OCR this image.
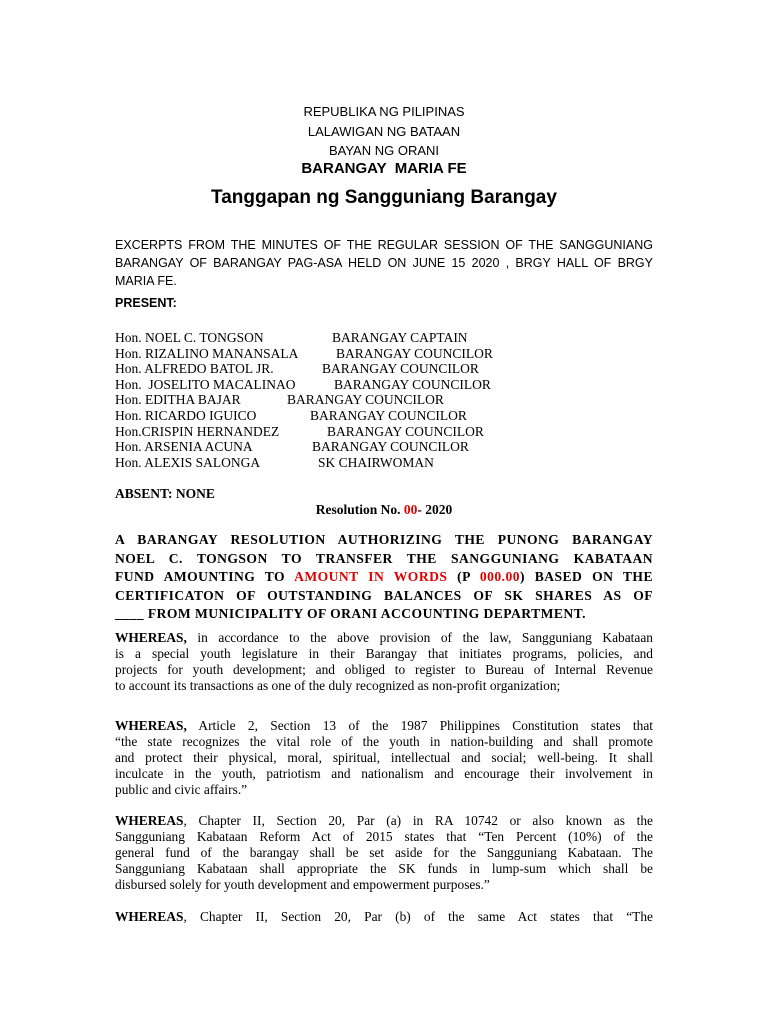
REPUBLIKA NG PILIPINAS
LALAWIGAN NG BATAAN
BAYAN NG ORANI
BARANGAY  MARIA FE
Tanggapan ng Sangguniang Barangay
EXCERPTS FROM THE MINUTES OF THE REGULAR SESSION OF THE SANGGUNIANG BARANGAY OF BARANGAY PAG-ASA HELD ON JUNE 15 2020 , BRGY HALL OF BRGY MARIA FE.
PRESENT:
Hon. NOEL C. TONGSON	BARANGAY CAPTAIN
Hon. RIZALINO MANANSALA	BARANGAY COUNCILOR
Hon. ALFREDO BATOL JR.	BARANGAY COUNCILOR
Hon.  JOSELITO MACALINAO	BARANGAY COUNCILOR
Hon. EDITHA BAJAR	BARANGAY COUNCILOR
Hon. RICARDO IGUICO	BARANGAY COUNCILOR
Hon.CRISPIN HERNANDEZ	BARANGAY COUNCILOR
Hon. ARSENIA ACUNA	BARANGAY COUNCILOR
Hon. ALEXIS SALONGA	SK CHAIRWOMAN
ABSENT: NONE
Resolution No. 00- 2020
A BARANGAY RESOLUTION AUTHORIZING THE PUNONG BARANGAY
NOEL C. TONGSON TO TRANSFER THE SANGGUNIANG KABATAAN
FUND AMOUNTING TO AMOUNT IN WORDS (P 000.00) BASED ON THE
CERTIFICATON OF OUTSTANDING BALANCES OF SK SHARES AS OF
____ FROM MUNICIPALITY OF ORANI ACCOUNTING DEPARTMENT.
WHEREAS, in accordance to the above provision of the law, Sangguniang Kabataan
is a special youth legislature in their Barangay that initiates programs, policies, and
projects for youth development; and obliged to register to Bureau of Internal Revenue
to account its transactions as one of the duly recognized as non-profit organization;
WHEREAS, Article 2, Section 13 of the 1987 Philippines Constitution states that
“the state recognizes the vital role of the youth in nation-building and shall promote
and protect their physical, moral, spiritual, intellectual and social; well-being. It shall
inculcate in the youth, patriotism and nationalism and encourage their involvement in
public and civic affairs.”
WHEREAS, Chapter II, Section 20, Par (a) in RA 10742 or also known as the
Sangguniang Kabataan Reform Act of 2015 states that “Ten Percent (10%) of the
general fund of the barangay shall be set aside for the Sangguniang Kabataan. The
Sangguniang Kabataan shall appropriate the SK funds in lump-sum which shall be
disbursed solely for youth development and empowerment purposes.”
WHEREAS, Chapter II, Section 20, Par (b) of the same Act states that “The
